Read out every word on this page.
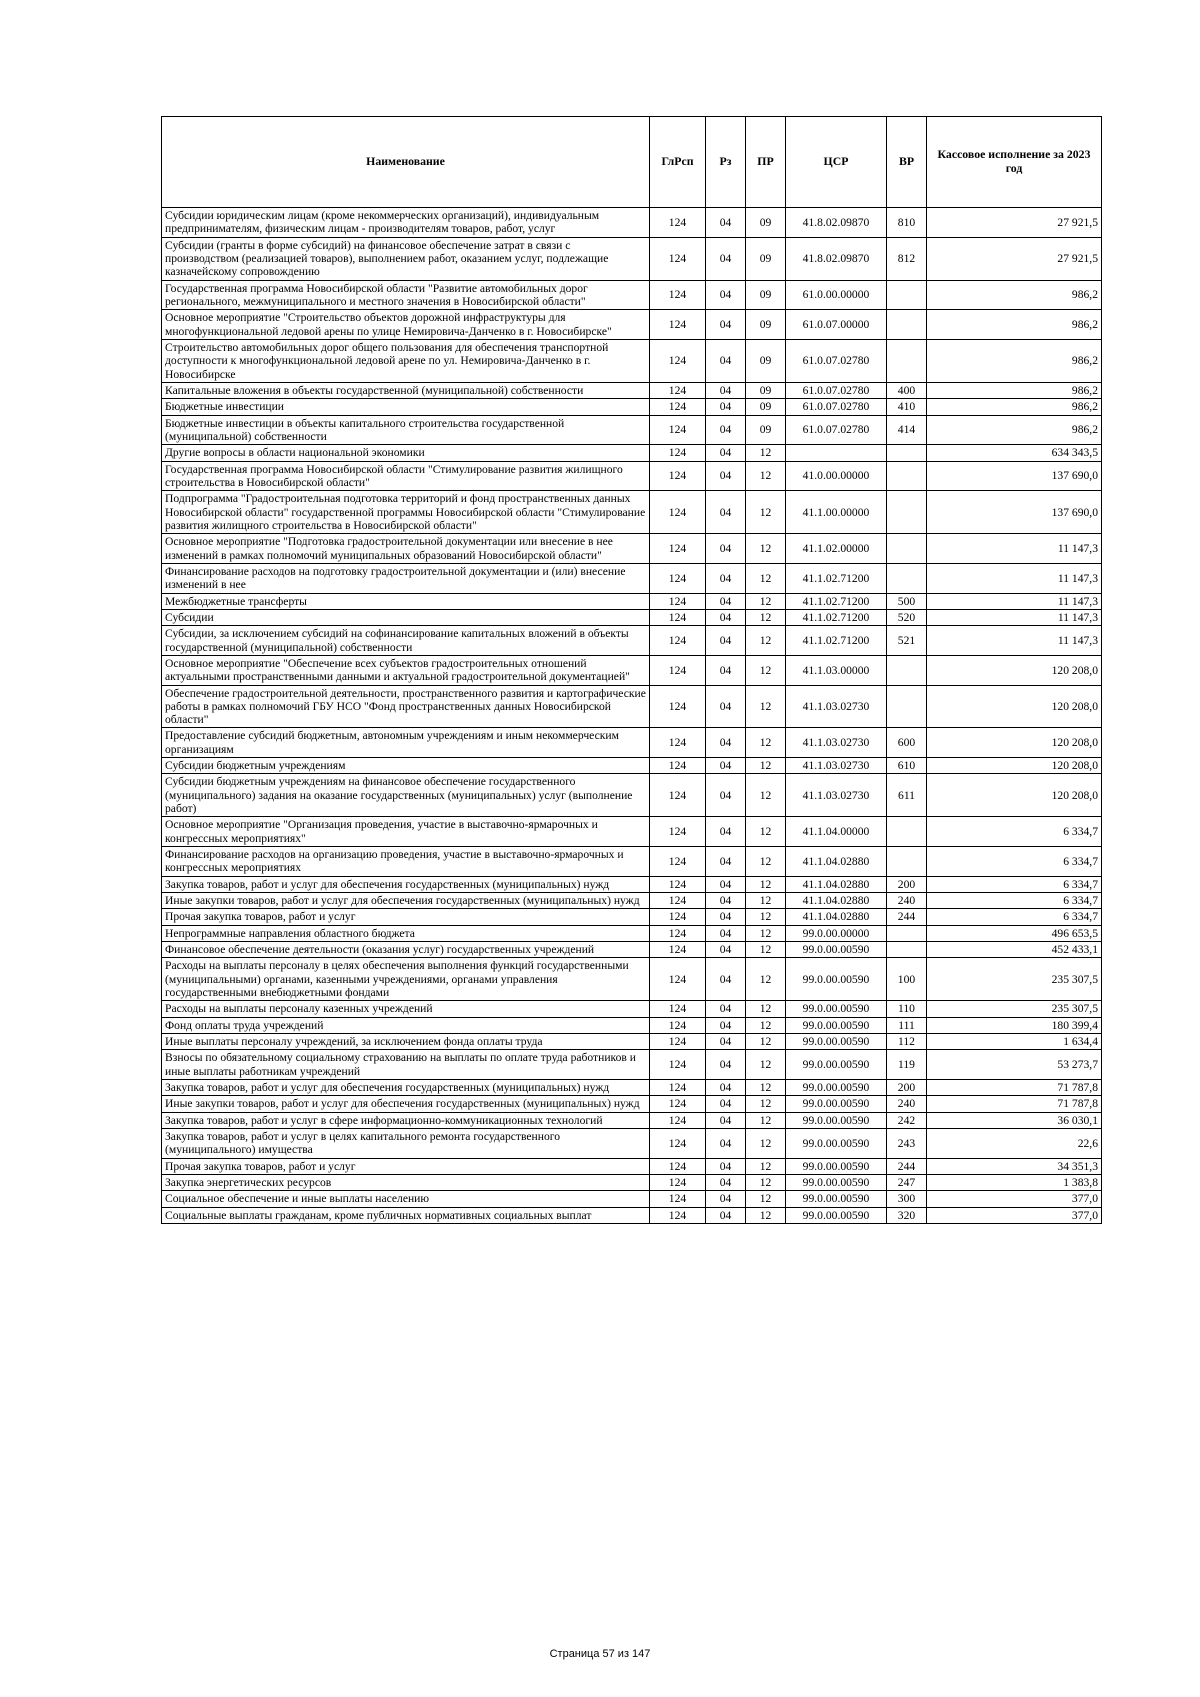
Наименование	ГлРсп	Рз	ПР	ЦСР	ВР	Кассовое исполнение за 2023 год
Субсидии юридическим лицам (кроме некоммерческих организаций), индивидуальным предпринимателям, физическим лицам - производителям товаров, работ, услуг	124	04	09	41.8.02.09870	810	27 921,5
Субсидии (гранты в форме субсидий) на финансовое обеспечение затрат в связи с производством (реализацией товаров), выполнением работ, оказанием услуг, подлежащие казначейскому сопровождению	124	04	09	41.8.02.09870	812	27 921,5
Государственная программа Новосибирской области "Развитие автомобильных дорог регионального, межмуниципального и местного значения в Новосибирской области"	124	04	09	61.0.00.00000		986,2
Основное мероприятие "Строительство объектов дорожной инфраструктуры для многофункциональной ледовой арены по улице Немировича-Данченко в г. Новосибирске"	124	04	09	61.0.07.00000		986,2
Строительство автомобильных дорог общего пользования для обеспечения транспортной доступности к многофункциональной ледовой арене по ул. Немировича-Данченко в г. Новосибирске	124	04	09	61.0.07.02780		986,2
Капитальные вложения в объекты государственной (муниципальной) собственности	124	04	09	61.0.07.02780	400	986,2
Бюджетные инвестиции	124	04	09	61.0.07.02780	410	986,2
Бюджетные инвестиции в объекты капитального строительства государственной (муниципальной) собственности	124	04	09	61.0.07.02780	414	986,2
Другие вопросы в области национальной экономики	124	04	12			634 343,5
Государственная программа Новосибирской области "Стимулирование развития жилищного строительства в Новосибирской области"	124	04	12	41.0.00.00000		137 690,0
Подпрограмма "Градостроительная подготовка территорий и фонд пространственных данных Новосибирской области" государственной программы Новосибирской области "Стимулирование развития жилищного строительства в Новосибирской области"	124	04	12	41.1.00.00000		137 690,0
Основное мероприятие "Подготовка градостроительной документации или внесение в нее изменений в рамках полномочий муниципальных образований Новосибирской области"	124	04	12	41.1.02.00000		11 147,3
Финансирование расходов на подготовку градостроительной документации и (или) внесение изменений в нее	124	04	12	41.1.02.71200		11 147,3
Межбюджетные трансферты	124	04	12	41.1.02.71200	500	11 147,3
Субсидии	124	04	12	41.1.02.71200	520	11 147,3
Субсидии, за исключением субсидий на софинансирование капитальных вложений в объекты государственной (муниципальной) собственности	124	04	12	41.1.02.71200	521	11 147,3
Основное мероприятие "Обеспечение всех субъектов градостроительных отношений актуальными пространственными данными и актуальной градостроительной документацией"	124	04	12	41.1.03.00000		120 208,0
Обеспечение градостроительной деятельности, пространственного развития и картографические работы в рамках полномочий ГБУ НСО "Фонд пространственных данных Новосибирской области"	124	04	12	41.1.03.02730		120 208,0
Предоставление субсидий бюджетным, автономным учреждениям и иным некоммерческим организациям	124	04	12	41.1.03.02730	600	120 208,0
Субсидии бюджетным учреждениям	124	04	12	41.1.03.02730	610	120 208,0
Субсидии бюджетным учреждениям на финансовое обеспечение государственного (муниципального) задания на оказание государственных (муниципальных) услуг (выполнение работ)	124	04	12	41.1.03.02730	611	120 208,0
Основное мероприятие "Организация проведения, участие в выставочно-ярмарочных и конгрессных мероприятиях"	124	04	12	41.1.04.00000		6 334,7
Финансирование расходов на организацию проведения, участие в выставочно-ярмарочных и конгрессных мероприятиях	124	04	12	41.1.04.02880		6 334,7
Закупка товаров, работ и услуг для обеспечения государственных (муниципальных) нужд	124	04	12	41.1.04.02880	200	6 334,7
Иные закупки товаров, работ и услуг для обеспечения государственных (муниципальных) нужд	124	04	12	41.1.04.02880	240	6 334,7
Прочая закупка товаров, работ и услуг	124	04	12	41.1.04.02880	244	6 334,7
Непрограммные направления областного бюджета	124	04	12	99.0.00.00000		496 653,5
Финансовое обеспечение деятельности (оказания услуг) государственных учреждений	124	04	12	99.0.00.00590		452 433,1
Расходы на выплаты персоналу в целях обеспечения выполнения функций государственными (муниципальными) органами, казенными учреждениями, органами управления государственными внебюджетными фондами	124	04	12	99.0.00.00590	100	235 307,5
Расходы на выплаты персоналу казенных учреждений	124	04	12	99.0.00.00590	110	235 307,5
Фонд оплаты труда учреждений	124	04	12	99.0.00.00590	111	180 399,4
Иные выплаты персоналу учреждений, за исключением фонда оплаты труда	124	04	12	99.0.00.00590	112	1 634,4
Взносы по обязательному социальному страхованию на выплаты по оплате труда работников и иные выплаты работникам учреждений	124	04	12	99.0.00.00590	119	53 273,7
Закупка товаров, работ и услуг для обеспечения государственных (муниципальных) нужд	124	04	12	99.0.00.00590	200	71 787,8
Иные закупки товаров, работ и услуг для обеспечения государственных (муниципальных) нужд	124	04	12	99.0.00.00590	240	71 787,8
Закупка товаров, работ и услуг в сфере информационно-коммуникационных технологий	124	04	12	99.0.00.00590	242	36 030,1
Закупка товаров, работ и услуг в целях капитального ремонта государственного (муниципального) имущества	124	04	12	99.0.00.00590	243	22,6
Прочая закупка товаров, работ и услуг	124	04	12	99.0.00.00590	244	34 351,3
Закупка энергетических ресурсов	124	04	12	99.0.00.00590	247	1 383,8
Социальное обеспечение и иные выплаты населению	124	04	12	99.0.00.00590	300	377,0
Социальные выплаты гражданам, кроме публичных нормативных социальных выплат	124	04	12	99.0.00.00590	320	377,0
Страница 57 из 147
